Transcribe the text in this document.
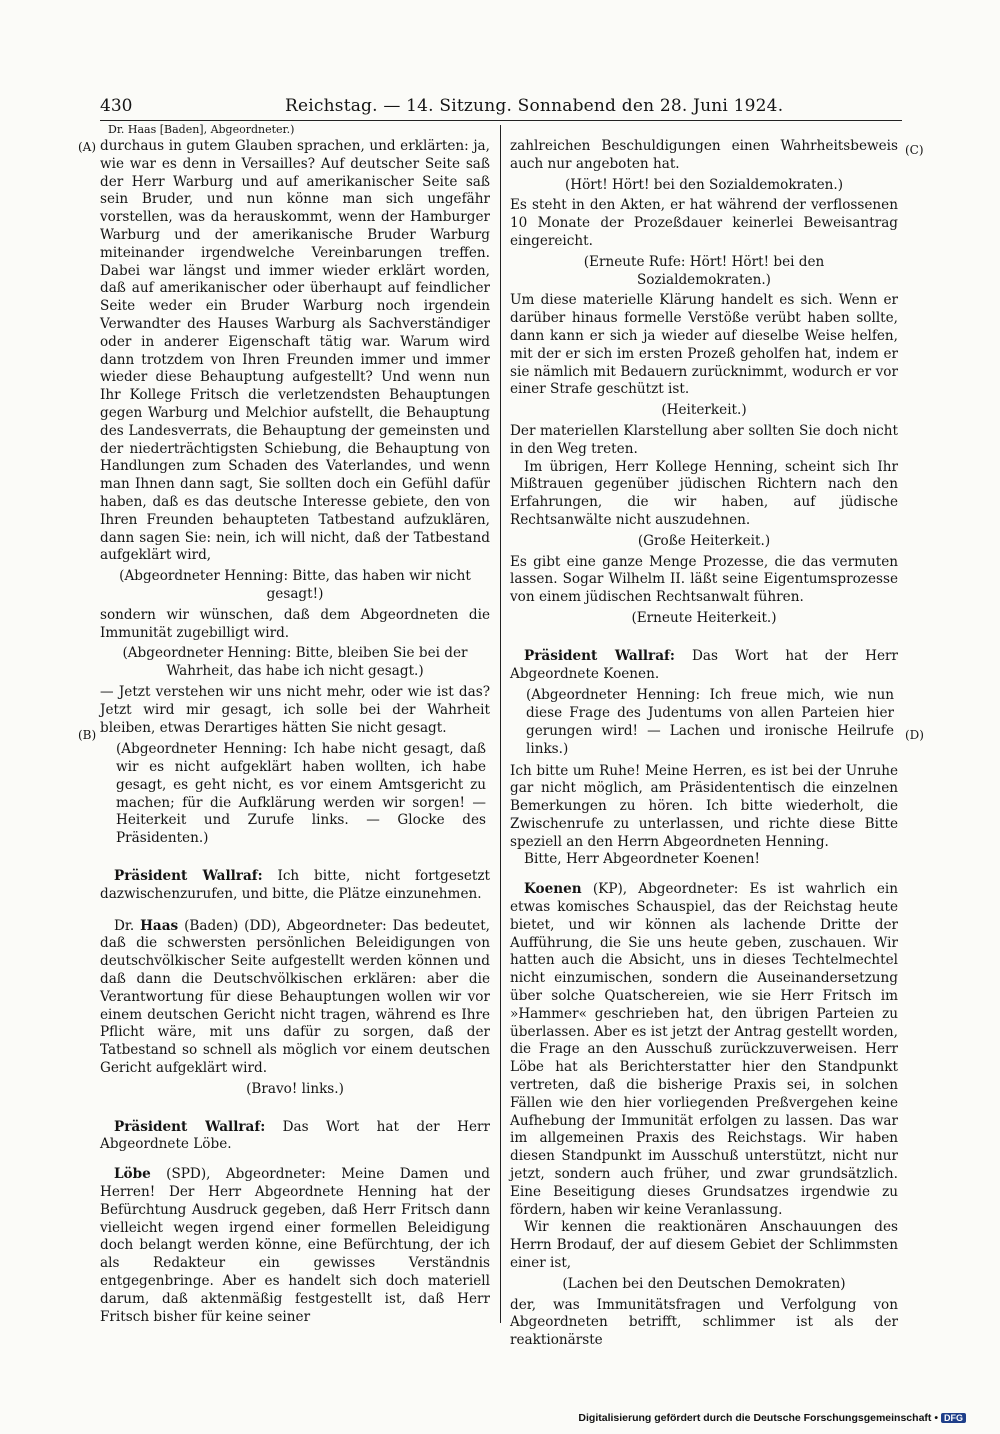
430	Reichstag. — 14. Sitzung. Sonnabend den 28. Juni 1924.
Dr. Haas [Baden], Abgeordneter.)
(A)
(B)
(C)
(D)

durchaus in gutem Glauben sprachen, und erklärten: ja, wie war es denn in Versailles? Auf deutscher Seite saß der Herr Warburg und auf amerikanischer Seite saß sein Bruder, und nun könne man sich ungefähr vorstellen, was da herauskommt, wenn der Hamburger Warburg und der amerikanische Bruder Warburg miteinander irgendwelche Vereinbarungen treffen. Dabei war längst und immer wieder erklärt worden, daß auf amerikanischer oder überhaupt auf feindlicher Seite weder ein Bruder Warburg noch irgendein Verwandter des Hauses Warburg als Sachverständiger oder in anderer Eigenschaft tätig war. Warum wird dann trotzdem von Ihren Freunden immer und immer wieder diese Behauptung aufgestellt? Und wenn nun Ihr Kollege Fritsch die verletzendsten Behauptungen gegen Warburg und Melchior aufstellt, die Behauptung des Landesverrats, die Behauptung der gemeinsten und der niederträchtigsten Schiebung, die Behauptung von Handlungen zum Schaden des Vaterlandes, und wenn man Ihnen dann sagt, Sie sollten doch ein Gefühl dafür haben, daß es das deutsche Interesse gebiete, den von Ihren Freunden behaupteten Tatbestand aufzuklären, dann sagen Sie: nein, ich will nicht, daß der Tatbestand aufgeklärt wird,

(Abgeordneter Henning: Bitte, das haben wir nicht gesagt!)

sondern wir wünschen, daß dem Abgeordneten die Immunität zugebilligt wird.

(Abgeordneter Henning: Bitte, bleiben Sie bei der Wahrheit, das habe ich nicht gesagt.)

— Jetzt verstehen wir uns nicht mehr, oder wie ist das? Jetzt wird mir gesagt, ich solle bei der Wahrheit bleiben, etwas Derartiges hätten Sie nicht gesagt.

(Abgeordneter Henning: Ich habe nicht gesagt, daß wir es nicht aufgeklärt haben wollten, ich habe gesagt, es geht nicht, es vor einem Amtsgericht zu machen; für die Aufklärung werden wir sorgen! — Heiterkeit und Zurufe links. — Glocke des Präsidenten.)

Präsident Wallraf: Ich bitte, nicht fortgesetzt dazwischenzurufen, und bitte, die Plätze einzunehmen.

Dr. Haas (Baden) (DD), Abgeordneter: Das bedeutet, daß die schwersten persönlichen Beleidigungen von deutschvölkischer Seite aufgestellt werden können und daß dann die Deutschvölkischen erklären: aber die Verantwortung für diese Behauptungen wollen wir vor einem deutschen Gericht nicht tragen, während es Ihre Pflicht wäre, mit uns dafür zu sorgen, daß der Tatbestand so schnell als möglich vor einem deutschen Gericht aufgeklärt wird.

(Bravo! links.)

Präsident Wallraf: Das Wort hat der Herr Abgeordnete Löbe.

Löbe (SPD), Abgeordneter: Meine Damen und Herren! Der Herr Abgeordnete Henning hat der Befürchtung Ausdruck gegeben, daß Herr Fritsch dann vielleicht wegen irgend einer formellen Beleidigung doch belangt werden könne, eine Befürchtung, der ich als Redakteur ein gewisses Verständnis entgegenbringe. Aber es handelt sich doch materiell darum, daß aktenmäßig festgestellt ist, daß Herr Fritsch bisher für keine seiner

zahlreichen Beschuldigungen einen Wahrheitsbeweis auch nur angeboten hat.

(Hört! Hört! bei den Sozialdemokraten.)

Es steht in den Akten, er hat während der verflossenen 10 Monate der Prozeßdauer keinerlei Beweisantrag eingereicht.

(Erneute Rufe: Hört! Hört! bei den Sozialdemokraten.)

Um diese materielle Klärung handelt es sich. Wenn er darüber hinaus formelle Verstöße verübt haben sollte, dann kann er sich ja wieder auf dieselbe Weise helfen, mit der er sich im ersten Prozeß geholfen hat, indem er sie nämlich mit Bedauern zurücknimmt, wodurch er vor einer Strafe geschützt ist.

(Heiterkeit.)

Der materiellen Klarstellung aber sollten Sie doch nicht in den Weg treten.

Im übrigen, Herr Kollege Henning, scheint sich Ihr Mißtrauen gegenüber jüdischen Richtern nach den Erfahrungen, die wir haben, auf jüdische Rechtsanwälte nicht auszudehnen.

(Große Heiterkeit.)

Es gibt eine ganze Menge Prozesse, die das vermuten lassen. Sogar Wilhelm II. läßt seine Eigentumsprozesse von einem jüdischen Rechtsanwalt führen.

(Erneute Heiterkeit.)

Präsident Wallraf: Das Wort hat der Herr Abgeordnete Koenen.

(Abgeordneter Henning: Ich freue mich, wie nun diese Frage des Judentums von allen Parteien hier gerungen wird! — Lachen und ironische Heilrufe links.)

Ich bitte um Ruhe! Meine Herren, es ist bei der Unruhe gar nicht möglich, am Präsidententisch die einzelnen Bemerkungen zu hören. Ich bitte wiederholt, die Zwischenrufe zu unterlassen, und richte diese Bitte speziell an den Herrn Abgeordneten Henning.

Bitte, Herr Abgeordneter Koenen!

Koenen (KP), Abgeordneter: Es ist wahrlich ein etwas komisches Schauspiel, das der Reichstag heute bietet, und wir können als lachende Dritte der Aufführung, die Sie uns heute geben, zuschauen. Wir hatten auch die Absicht, uns in dieses Techtelmechtel nicht einzumischen, sondern die Auseinandersetzung über solche Quatschereien, wie sie Herr Fritsch im »Hammer« geschrieben hat, den übrigen Parteien zu überlassen. Aber es ist jetzt der Antrag gestellt worden, die Frage an den Ausschuß zurückzuverweisen. Herr Löbe hat als Berichterstatter hier den Standpunkt vertreten, daß die bisherige Praxis sei, in solchen Fällen wie den hier vorliegenden Preßvergehen keine Aufhebung der Immunität erfolgen zu lassen. Das war im allgemeinen Praxis des Reichstags. Wir haben diesen Standpunkt im Ausschuß unterstützt, nicht nur jetzt, sondern auch früher, und zwar grundsätzlich. Eine Beseitigung dieses Grundsatzes irgendwie zu fördern, haben wir keine Veranlassung.

Wir kennen die reaktionären Anschauungen des Herrn Brodauf, der auf diesem Gebiet der Schlimmsten einer ist,

(Lachen bei den Deutschen Demokraten)

der, was Immunitätsfragen und Verfolgung von Abgeordneten betrifft, schlimmer ist als der reaktionärste

Digitalisierung gefördert durch die Deutsche Forschungsgemeinschaft • DFG
